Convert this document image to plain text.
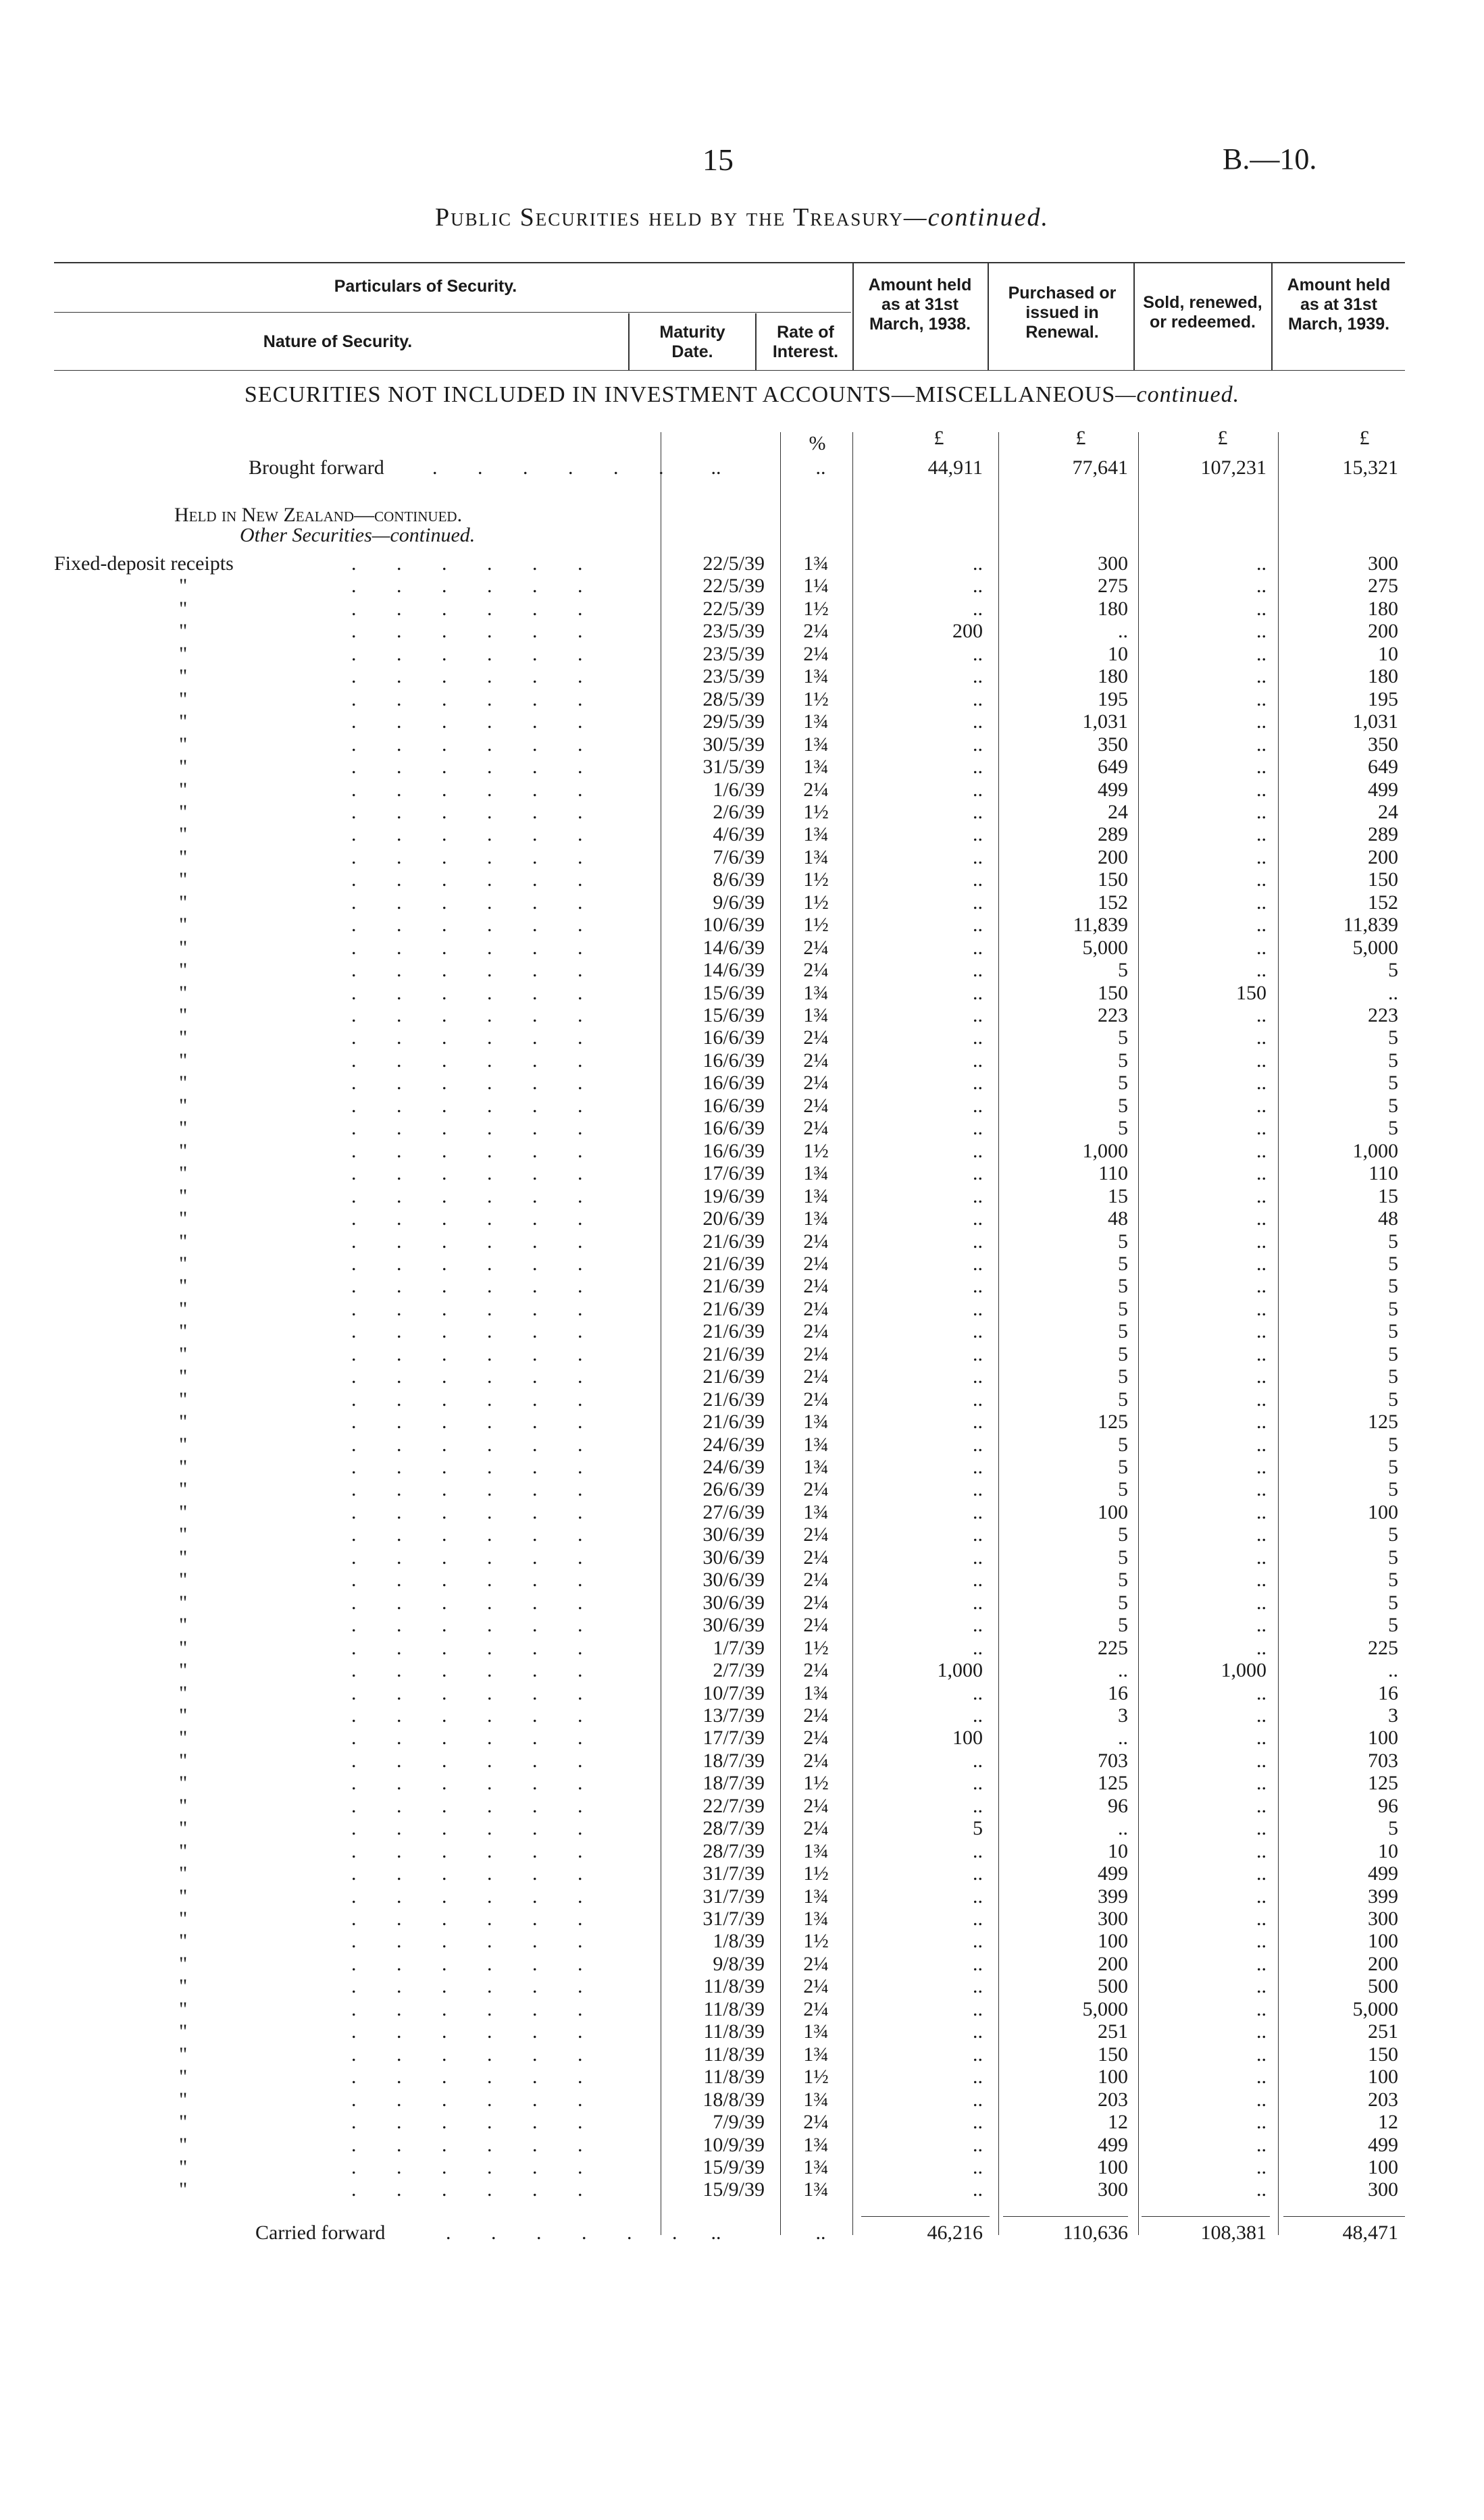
15	B.—10.
Public Securities held by the Treasury—continued.
Particulars of Security.
Nature of Security.	Maturity Date.
Rate of Interest.
Amount held as at 31st March, 1938.
Purchased or issued in Renewal.
Sold, renewed, or redeemed.
Amount held as at 31st March, 1939.
SECURITIES NOT INCLUDED IN INVESTMENT ACCOUNTS—MISCELLANEOUS—continued.
%	£	£	£	£
Brought forward . . . . . .	..	..	44,911	77,641	107,231	15,321
Held in New Zealand—continued.
Other Securities—continued.
Fixed-deposit receipts	. . . . . .	22/5/39	1¾	..	300	..	300
"	. . . . . .	22/5/39	1¼	..	275	..	275
"	. . . . . .	22/5/39	1½	..	180	..	180
"	. . . . . .	23/5/39	2¼	200	..	..	200
"	. . . . . .	23/5/39	2¼	..	10	..	10
"	. . . . . .	23/5/39	1¾	..	180	..	180
"	. . . . . .	28/5/39	1½	..	195	..	195
"	. . . . . .	29/5/39	1¾	..	1,031	..	1,031
"	. . . . . .	30/5/39	1¾	..	350	..	350
"	. . . . . .	31/5/39	1¾	..	649	..	649
"	. . . . . .	1/6/39	2¼	..	499	..	499
"	. . . . . .	2/6/39	1½	..	24	..	24
"	. . . . . .	4/6/39	1¾	..	289	..	289
"	. . . . . .	7/6/39	1¾	..	200	..	200
"	. . . . . .	8/6/39	1½	..	150	..	150
"	. . . . . .	9/6/39	1½	..	152	..	152
"	. . . . . .	10/6/39	1½	..	11,839	..	11,839
"	. . . . . .	14/6/39	2¼	..	5,000	..	5,000
"	. . . . . .	14/6/39	2¼	..	5	..	5
"	. . . . . .	15/6/39	1¾	..	150	150	..
"	. . . . . .	15/6/39	1¾	..	223	..	223
"	. . . . . .	16/6/39	2¼	..	5	..	5
"	. . . . . .	16/6/39	2¼	..	5	..	5
"	. . . . . .	16/6/39	2¼	..	5	..	5
"	. . . . . .	16/6/39	2¼	..	5	..	5
"	. . . . . .	16/6/39	2¼	..	5	..	5
"	. . . . . .	16/6/39	1½	..	1,000	..	1,000
"	. . . . . .	17/6/39	1¾	..	110	..	110
"	. . . . . .	19/6/39	1¾	..	15	..	15
"	. . . . . .	20/6/39	1¾	..	48	..	48
"	. . . . . .	21/6/39	2¼	..	5	..	5
"	. . . . . .	21/6/39	2¼	..	5	..	5
"	. . . . . .	21/6/39	2¼	..	5	..	5
"	. . . . . .	21/6/39	2¼	..	5	..	5
"	. . . . . .	21/6/39	2¼	..	5	..	5
"	. . . . . .	21/6/39	2¼	..	5	..	5
"	. . . . . .	21/6/39	2¼	..	5	..	5
"	. . . . . .	21/6/39	2¼	..	5	..	5
"	. . . . . .	21/6/39	1¾	..	125	..	125
"	. . . . . .	24/6/39	1¾	..	5	..	5
"	. . . . . .	24/6/39	1¾	..	5	..	5
"	. . . . . .	26/6/39	2¼	..	5	..	5
"	. . . . . .	27/6/39	1¾	..	100	..	100
"	. . . . . .	30/6/39	2¼	..	5	..	5
"	. . . . . .	30/6/39	2¼	..	5	..	5
"	. . . . . .	30/6/39	2¼	..	5	..	5
"	. . . . . .	30/6/39	2¼	..	5	..	5
"	. . . . . .	30/6/39	2¼	..	5	..	5
"	. . . . . .	1/7/39	1½	..	225	..	225
"	. . . . . .	2/7/39	2¼	1,000	..	1,000	..
"	. . . . . .	10/7/39	1¾	..	16	..	16
"	. . . . . .	13/7/39	2¼	..	3	..	3
"	. . . . . .	17/7/39	2¼	100	..	..	100
"	. . . . . .	18/7/39	2¼	..	703	..	703
"	. . . . . .	18/7/39	1½	..	125	..	125
"	. . . . . .	22/7/39	2¼	..	96	..	96
"	. . . . . .	28/7/39	2¼	5	..	..	5
"	. . . . . .	28/7/39	1¾	..	10	..	10
"	. . . . . .	31/7/39	1½	..	499	..	499
"	. . . . . .	31/7/39	1¾	..	399	..	399
"	. . . . . .	31/7/39	1¾	..	300	..	300
"	. . . . . .	1/8/39	1½	..	100	..	100
"	. . . . . .	9/8/39	2¼	..	200	..	200
"	. . . . . .	11/8/39	2¼	..	500	..	500
"	. . . . . .	11/8/39	2¼	..	5,000	..	5,000
"	. . . . . .	11/8/39	1¾	..	251	..	251
"	. . . . . .	11/8/39	1¾	..	150	..	150
"	. . . . . .	11/8/39	1½	..	100	..	100
"	. . . . . .	18/8/39	1¾	..	203	..	203
"	. . . . . .	7/9/39	2¼	..	12	..	12
"	. . . . . .	10/9/39	1¾	..	499	..	499
"	. . . . . .	15/9/39	1¾	..	100	..	100
"	. . . . . .	15/9/39	1¾	..	300	..	300
Carried forward	. . . . . . ..	..	46,216	110,636	108,381	48,471
